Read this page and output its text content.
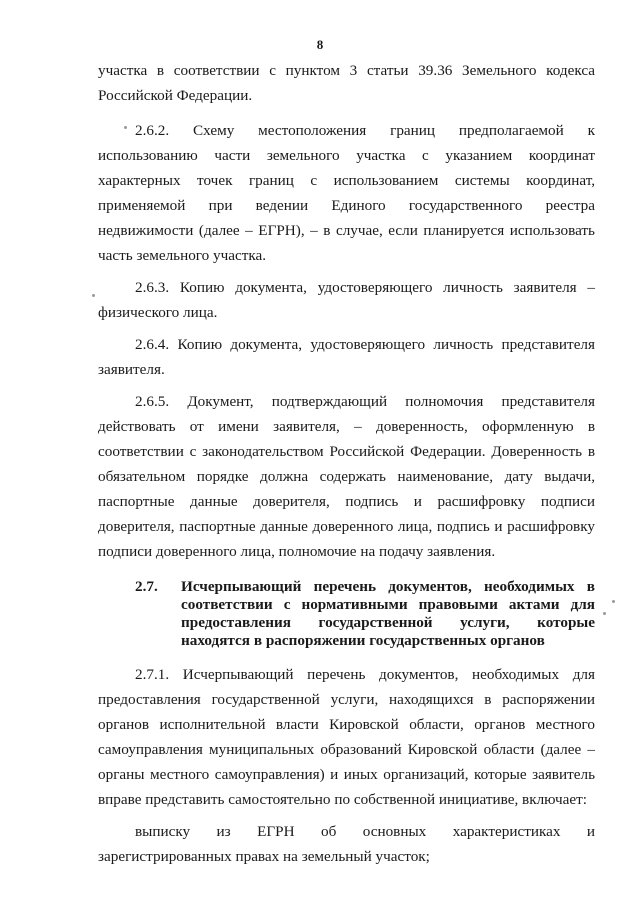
8

участка в соответствии с пунктом 3 статьи 39.36 Земельного кодекса Российской Федерации.

2.6.2. Схему местоположения границ предполагаемой к использованию части земельного участка с указанием координат характерных точек границ с использованием системы координат, применяемой при ведении Единого государственного реестра недвижимости (далее – ЕГРН), – в случае, если планируется использовать часть земельного участка.

2.6.3. Копию документа, удостоверяющего личность заявителя – физического лица.

2.6.4. Копию документа, удостоверяющего личность представителя заявителя.

2.6.5. Документ, подтверждающий полномочия представителя действовать от имени заявителя, – доверенность, оформленную в соответствии с законодательством Российской Федерации. Доверенность в обязательном порядке должна содержать наименование, дату выдачи, паспортные данные доверителя, подпись и расшифровку подписи доверителя, паспортные данные доверенного лица, подпись и расшифровку подписи доверенного лица, полномочие на подачу заявления.

2.7.	Исчерпывающий перечень документов, необходимых в соответствии с нормативными правовыми актами для предоставления государственной услуги, которые находятся в распоряжении государственных органов

2.7.1. Исчерпывающий перечень документов, необходимых для предоставления государственной услуги, находящихся в распоряжении органов исполнительной власти Кировской области, органов местного самоуправления муниципальных образований Кировской области (далее – органы местного самоуправления) и иных организаций, которые заявитель вправе представить самостоятельно по собственной инициативе, включает:

выписку из ЕГРН об основных характеристиках и зарегистрированных правах на земельный участок;
